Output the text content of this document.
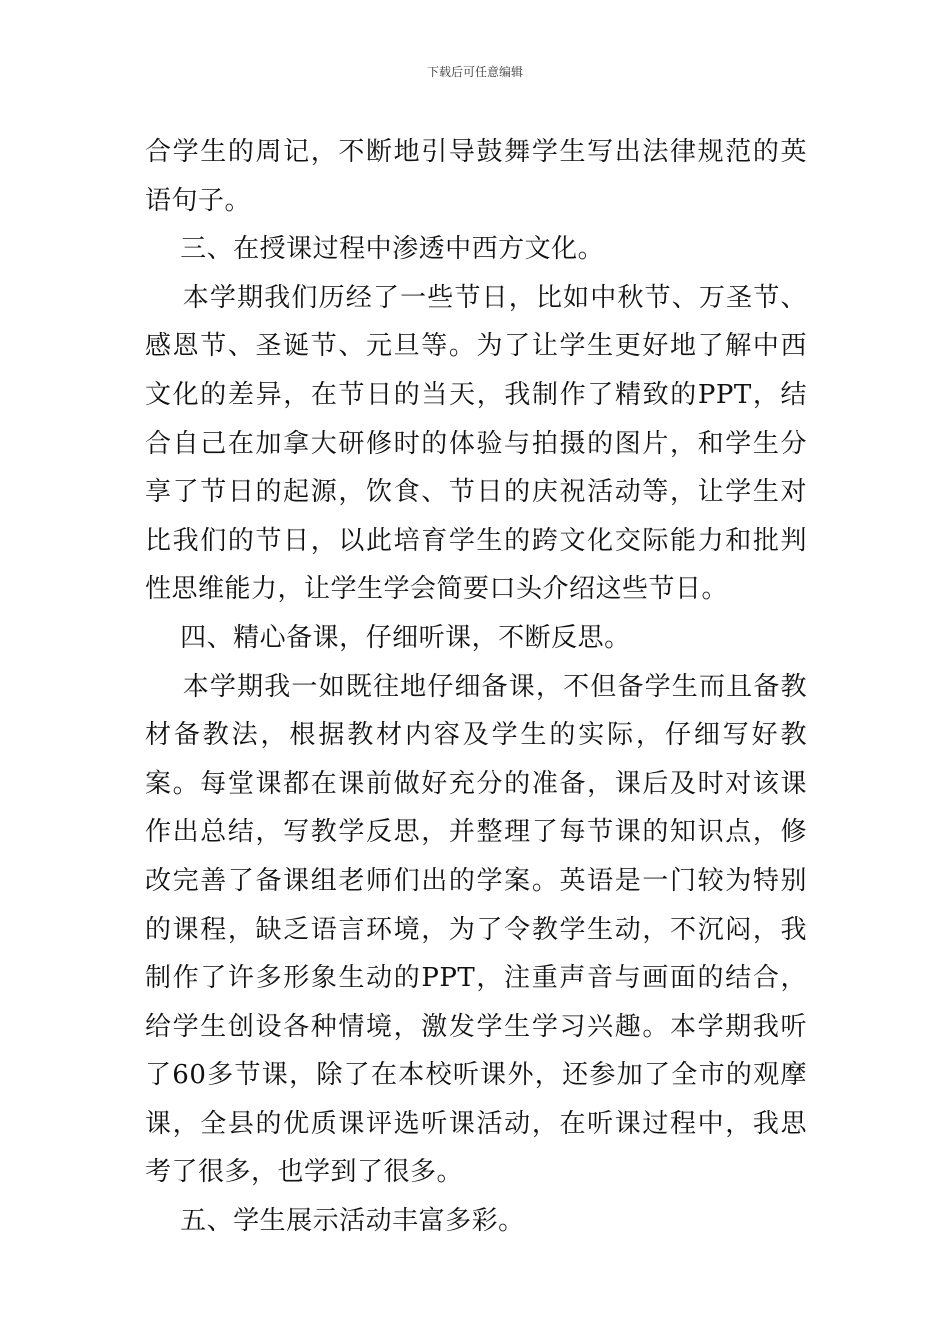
下载后可任意编辑

合学生的周记，不断地引导鼓舞学生写出法律规范的英语句子。

三、在授课过程中渗透中西方文化。

本学期我们历经了一些节日，比如中秋节、万圣节、感恩节、圣诞节、元旦等。为了让学生更好地了解中西文化的差异，在节日的当天，我制作了精致的PPT，结合自己在加拿大研修时的体验与拍摄的图片，和学生分享了节日的起源，饮食、节日的庆祝活动等，让学生对比我们的节日，以此培育学生的跨文化交际能力和批判性思维能力，让学生学会简要口头介绍这些节日。

四、精心备课，仔细听课，不断反思。

本学期我一如既往地仔细备课，不但备学生而且备教材备教法，根据教材内容及学生的实际，仔细写好教案。每堂课都在课前做好充分的准备，课后及时对该课作出总结，写教学反思，并整理了每节课的知识点，修改完善了备课组老师们出的学案。英语是一门较为特别的课程，缺乏语言环境，为了令教学生动，不沉闷，我制作了许多形象生动的PPT，注重声音与画面的结合，给学生创设各种情境，激发学生学习兴趣。本学期我听了60多节课，除了在本校听课外，还参加了全市的观摩课，全县的优质课评选听课活动，在听课过程中，我思考了很多，也学到了很多。

五、学生展示活动丰富多彩。
